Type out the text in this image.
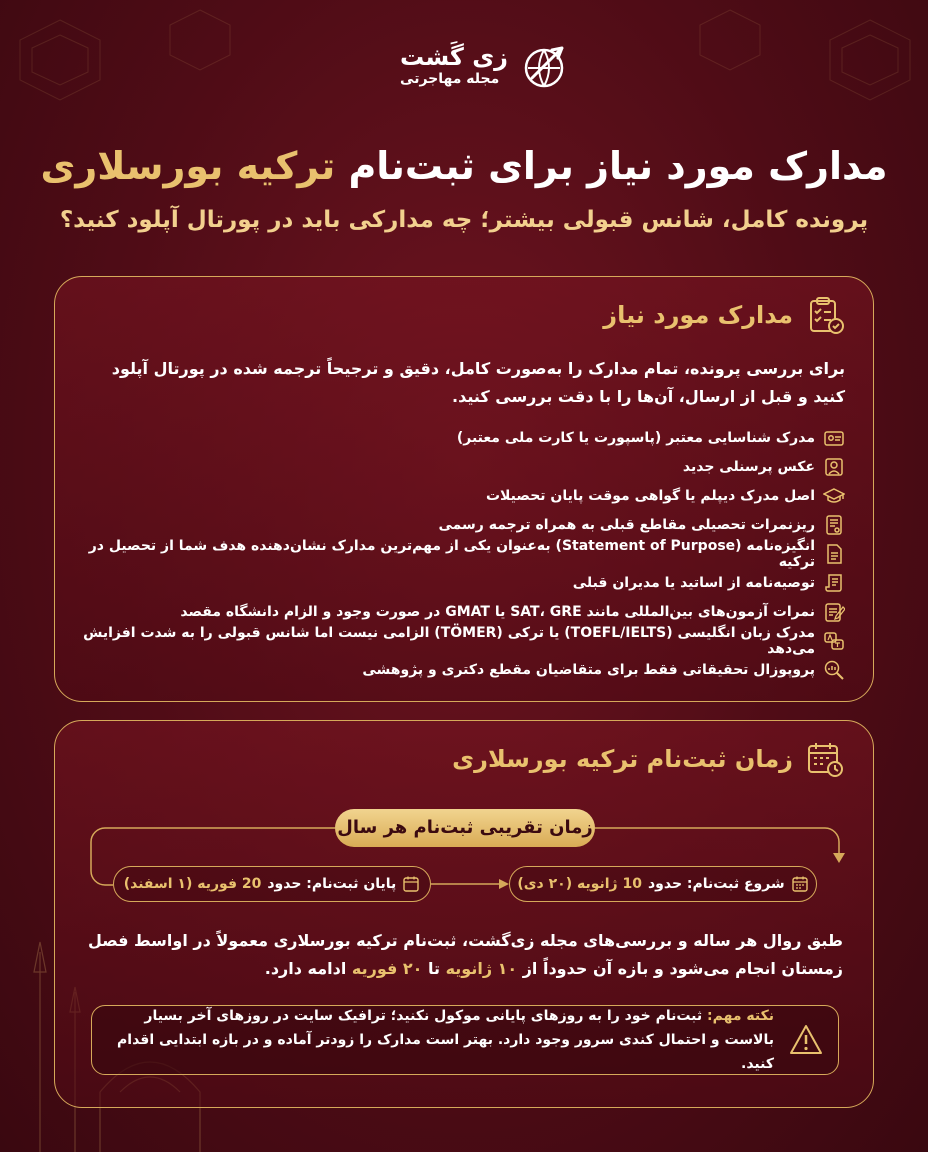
زی گَشت
مجله مهاجرتی
مدارک مورد نیاز برای ثبت‌نام ترکیه بورسلاری
پرونده کامل، شانس قبولی بیشتر؛ چه مدارکی باید در پورتال آپلود کنید؟
مدارک مورد نیاز
برای بررسی پرونده، تمام مدارک را به‌صورت کامل، دقیق و ترجیحاً ترجمه شده در پورتال آپلود کنید و قبل از ارسال، آن‌ها را با دقت بررسی کنید.
مدرک شناسایی معتبر (پاسپورت یا کارت ملی معتبر)
عکس پرسنلی جدید
اصل مدرک دیپلم یا گواهی موقت پایان تحصیلات
ریزنمرات تحصیلی مقاطع قبلی به همراه ترجمه رسمی
انگیزه‌نامه (Statement of Purpose) به‌عنوان یکی از مهم‌ترین مدارک نشان‌دهنده هدف شما از تحصیل در ترکیه
توصیه‌نامه از اساتید یا مدیران قبلی
نمرات آزمون‌های بین‌المللی مانند SAT، GRE یا GMAT در صورت وجود و الزام دانشگاه مقصد
مدرک زبان انگلیسی (TOEFL/IELTS) یا ترکی (TÖMER) الزامی نیست اما شانس قبولی را به شدت افزایش می‌دهد
پروپوزال تحقیقاتی فقط برای متقاضیان مقطع دکتری و پژوهشی
زمان ثبت‌نام ترکیه بورسلاری
زمان تقریبی ثبت‌نام هر سال
شروع ثبت‌نام: حدود
10 ژانویه (۲۰ دی)
پایان ثبت‌نام: حدود
20 فوریه (۱ اسفند)
طبق روال هر ساله و بررسی‌های مجله زی‌گشت، ثبت‌نام ترکیه بورسلاری معمولاً در اواسط فصل زمستان انجام می‌شود و بازه آن حدوداً از ۱۰ ژانویه تا ۲۰ فوریه ادامه دارد.
نکته مهم: ثبت‌نام خود را به روزهای پایانی موکول نکنید؛ ترافیک سایت در روزهای آخر بسیار بالاست و احتمال کندی سرور وجود دارد. بهتر است مدارک را زودتر آماده و در بازه ابتدایی اقدام کنید.
